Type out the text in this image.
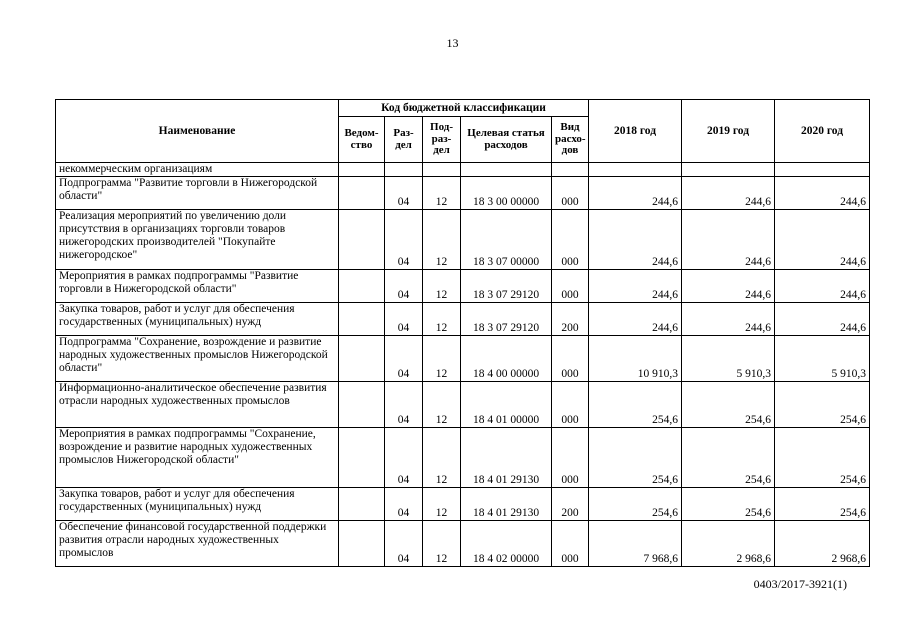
13
Наименование	Код бюджетной классификации					2018 год	2019 год	2020 год
	Ведом-ство	Раз-дел	Под-раз-дел	Целевая статья расходов	Вид расхо-дов			
некоммерческим организациям								
Подпрограмма "Развитие торговли в Нижегородской области"		04	12	18 3 00 00000	000	244,6	244,6	244,6
Реализация мероприятий по увеличению доли присутствия в организациях торговли товаров нижегородских производителей "Покупайте нижегородское"		04	12	18 3 07 00000	000	244,6	244,6	244,6
Мероприятия в рамках подпрограммы "Развитие торговли в Нижегородской области"		04	12	18 3 07 29120	000	244,6	244,6	244,6
Закупка товаров, работ и услуг для обеспечения государственных (муниципальных) нужд		04	12	18 3 07 29120	200	244,6	244,6	244,6
Подпрограмма "Сохранение, возрождение и развитие народных художественных промыслов Нижегородской области"		04	12	18 4 00 00000	000	10 910,3	5 910,3	5 910,3
Информационно-аналитическое обеспечение развития отрасли народных художественных промыслов		04	12	18 4 01 00000	000	254,6	254,6	254,6
Мероприятия в рамках подпрограммы "Сохранение, возрождение и развитие народных художественных промыслов Нижегородской области"		04	12	18 4 01 29130	000	254,6	254,6	254,6
Закупка товаров, работ и услуг для обеспечения государственных (муниципальных) нужд		04	12	18 4 01 29130	200	254,6	254,6	254,6
Обеспечение финансовой государственной поддержки развития отрасли народных художественных промыслов		04	12	18 4 02 00000	000	7 968,6	2 968,6	2 968,6
0403/2017-3921(1)
